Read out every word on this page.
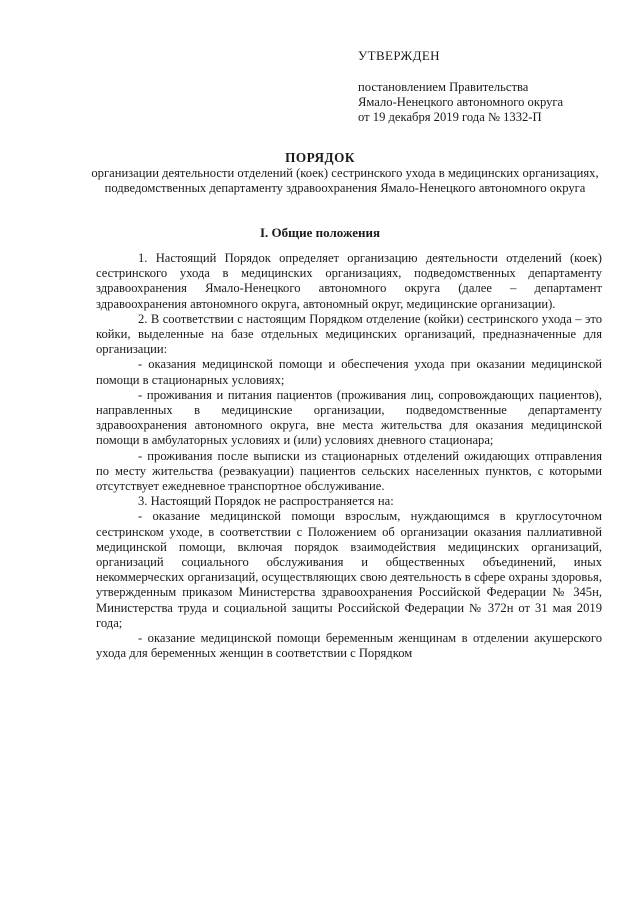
УТВЕРЖДЕН
постановлением Правительства
Ямало-Ненецкого автономного округа
от 19 декабря 2019 года № 1332-П
ПОРЯДОК
организации деятельности отделений (коек) сестринского ухода в медицинских организациях, подведомственных департаменту здравоохранения Ямало-Ненецкого автономного округа
I. Общие положения

1. Настоящий Порядок определяет организацию деятельности отделений (коек) сестринского ухода в медицинских организациях, подведомственных департаменту здравоохранения Ямало-Ненецкого автономного округа (далее – департамент здравоохранения автономного округа, автономный округ, медицинские организации).

2. В соответствии с настоящим Порядком отделение (койки) сестринского ухода – это койки, выделенные на базе отдельных медицинских организаций, предназначенные для организации:

- оказания медицинской помощи и обеспечения ухода при оказании медицинской помощи в стационарных условиях;

- проживания и питания пациентов (проживания лиц, сопровождающих пациентов), направленных в медицинские организации, подведомственные департаменту здравоохранения автономного округа, вне места жительства для оказания медицинской помощи в амбулаторных условиях и (или) условиях дневного стационара;

- проживания после выписки из стационарных отделений ожидающих отправления по месту жительства (реэвакуации) пациентов сельских населенных пунктов, с которыми отсутствует ежедневное транспортное обслуживание.

3. Настоящий Порядок не распространяется на:

- оказание медицинской помощи взрослым, нуждающимся в круглосуточном сестринском уходе, в соответствии с Положением об организации оказания паллиативной медицинской помощи, включая порядок взаимодействия медицинских организаций, организаций социального обслуживания и общественных объединений, иных некоммерческих организаций, осуществляющих свою деятельность в сфере охраны здоровья, утвержденным приказом Министерства здравоохранения Российской Федерации № 345н, Министерства труда и социальной защиты Российской Федерации № 372н от 31 мая 2019 года;

- оказание медицинской помощи беременным женщинам в отделении акушерского ухода для беременных женщин в соответствии с Порядком
